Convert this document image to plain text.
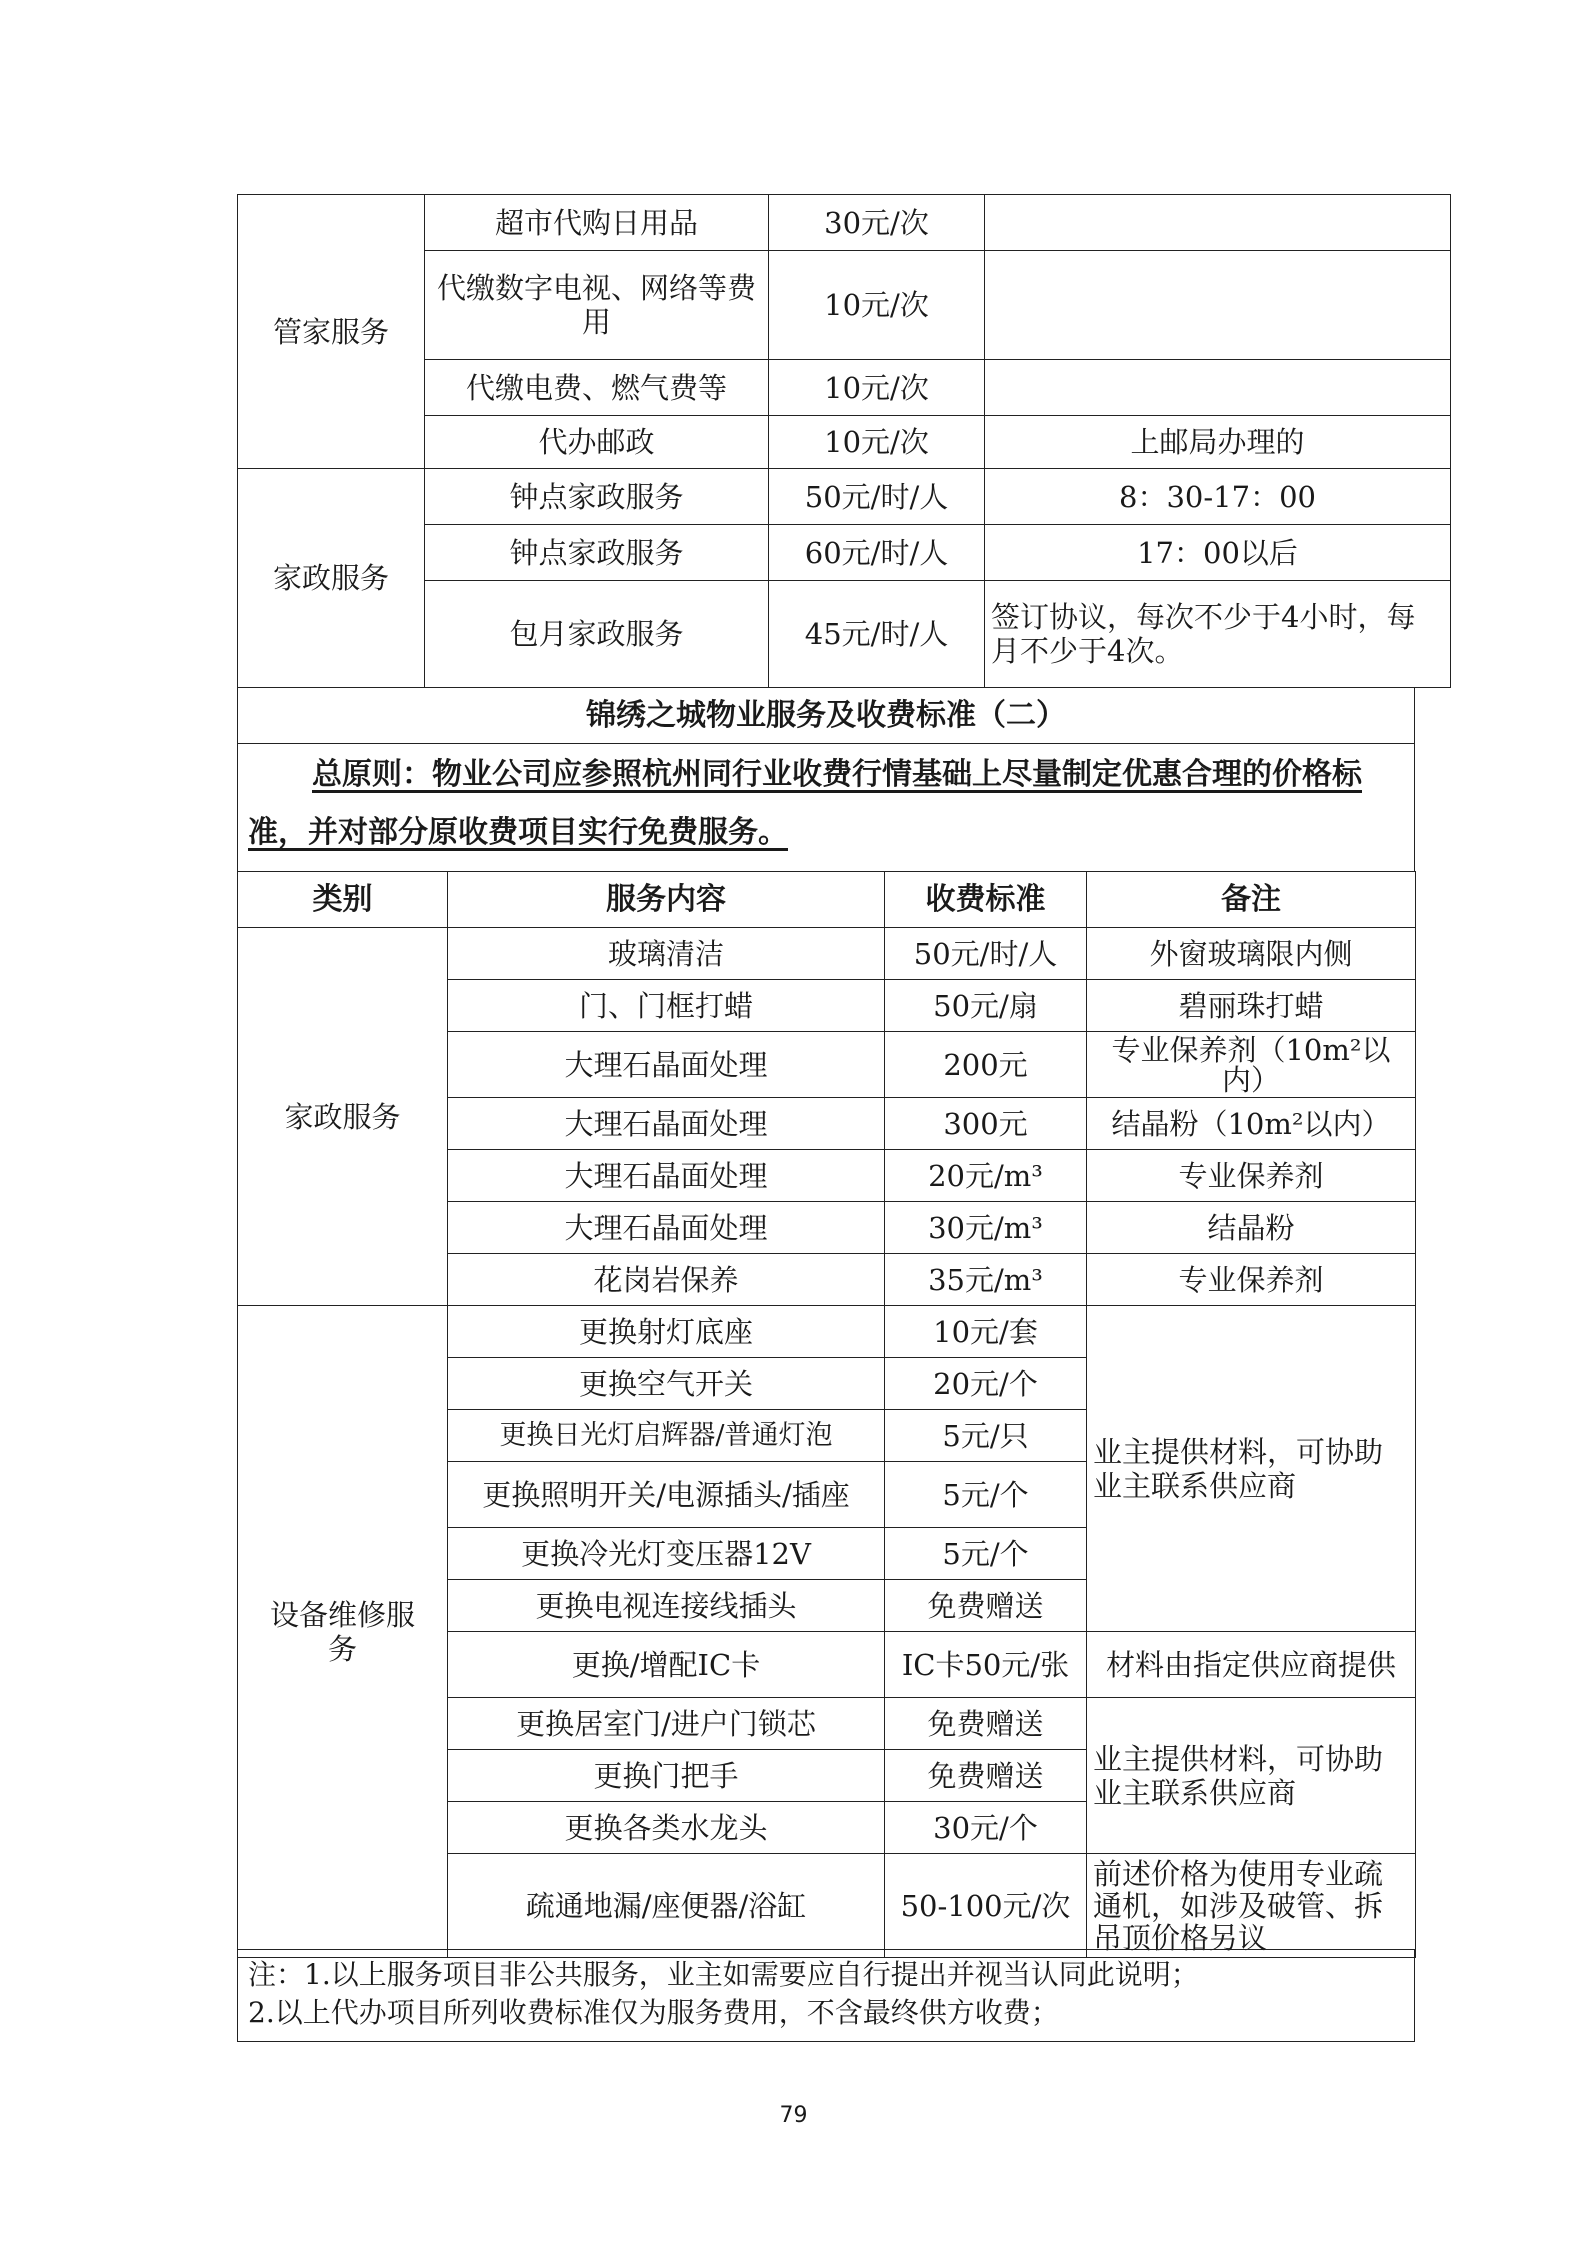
管家服务	超市代购日用品	30元/次	
	代缴数字电视、网络等费用	10元/次	
	代缴电费、燃气费等	10元/次	
	代办邮政	10元/次	上邮局办理的
家政服务	钟点家政服务	50元/时/人	8：30-17：00
	钟点家政服务	60元/时/人	17：00以后
	包月家政服务	45元/时/人	签订协议，每次不少于4小时，每月不少于4次。
锦绣之城物业服务及收费标准（二）
总原则：物业公司应参照杭州同行业收费行情基础上尽量制定优惠合理的价格标准，并对部分原收费项目实行免费服务。
类别	服务内容	收费标准	备注
家政服务	玻璃清洁	50元/时/人	外窗玻璃限内侧
	门、门框打蜡	50元/扇	碧丽珠打蜡
	大理石晶面处理	200元	专业保养剂（10m²以内）
	大理石晶面处理	300元	结晶粉（10m²以内）
	大理石晶面处理	20元/m³	专业保养剂
	大理石晶面处理	30元/m³	结晶粉
	花岗岩保养	35元/m³	专业保养剂
设备维修服务	更换射灯底座	10元/套	业主提供材料，可协助业主联系供应商
	更换空气开关	20元/个	
	更换日光灯启辉器/普通灯泡	5元/只	
	更换照明开关/电源插头/插座	5元/个	
	更换冷光灯变压器12V	5元/个	
	更换电视连接线插头	免费赠送	
	更换/增配IC卡	IC卡50元/张	材料由指定供应商提供
	更换居室门/进户门锁芯	免费赠送	业主提供材料，可协助业主联系供应商
	更换门把手	免费赠送	
	更换各类水龙头	30元/个	
	疏通地漏/座便器/浴缸	50-100元/次	前述价格为使用专业疏通机，如涉及破管、拆吊顶价格另议
注：1.以上服务项目非公共服务，业主如需要应自行提出并视当认同此说明；
2.以上代办项目所列收费标准仅为服务费用，不含最终供方收费；
79
